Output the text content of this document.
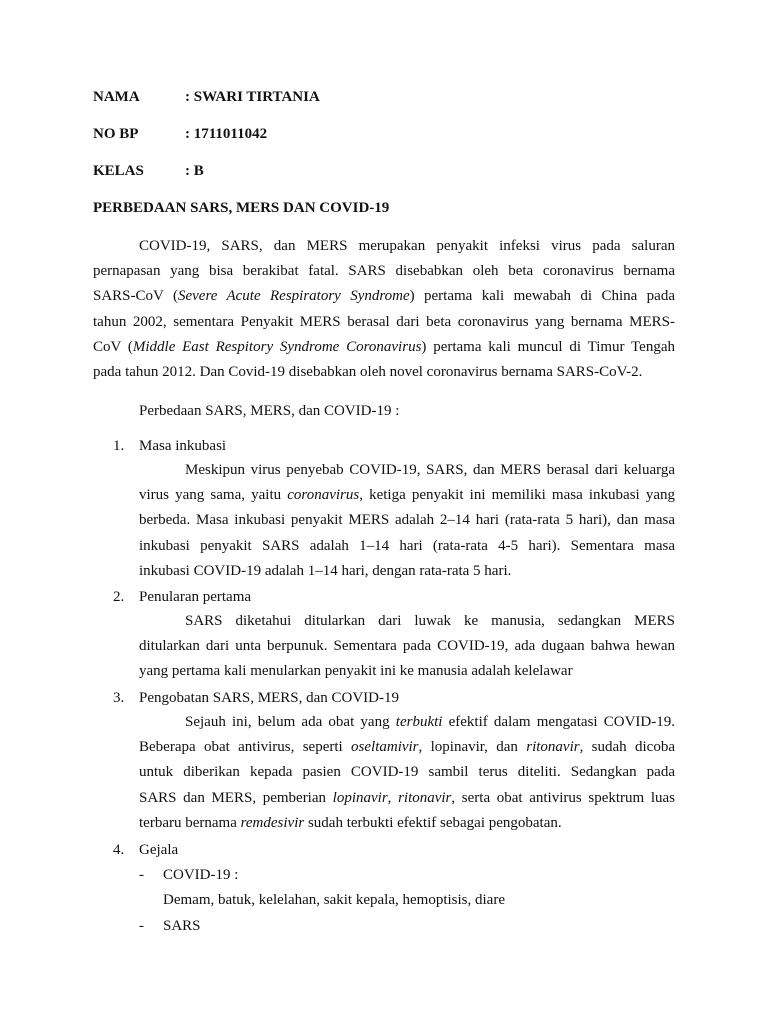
NAMA	: SWARI TIRTANIA
NO BP	: 1711011042
KELAS	: B
PERBEDAAN SARS, MERS DAN COVID-19
COVID-19, SARS, dan MERS merupakan penyakit infeksi virus pada saluran
pernapasan yang bisa berakibat fatal. SARS disebabkan oleh beta coronavirus bernama
SARS-CoV (Severe Acute Respiratory Syndrome) pertama kali mewabah di China pada
tahun 2002, sementara Penyakit MERS berasal dari beta coronavirus yang bernama MERS-
CoV (Middle East Respitory Syndrome Coronavirus) pertama kali muncul di Timur Tengah
pada tahun 2012. Dan Covid-19 disebabkan oleh novel coronavirus bernama SARS-CoV-2.
Perbedaan SARS, MERS, dan COVID-19 :
1. Masa inkubasi
Meskipun virus penyebab COVID-19, SARS, dan MERS berasal dari keluarga
virus yang sama, yaitu coronavirus, ketiga penyakit ini memiliki masa inkubasi yang
berbeda. Masa inkubasi penyakit MERS adalah 2–14 hari (rata-rata 5 hari), dan masa
inkubasi penyakit SARS adalah 1–14 hari (rata-rata 4-5 hari). Sementara masa
inkubasi COVID-19 adalah 1–14 hari, dengan rata-rata 5 hari.
2. Penularan pertama
SARS diketahui ditularkan dari luwak ke manusia, sedangkan MERS
ditularkan dari unta berpunuk. Sementara pada COVID-19, ada dugaan bahwa hewan
yang pertama kali menularkan penyakit ini ke manusia adalah kelelawar
3. Pengobatan SARS, MERS, dan COVID-19
Sejauh ini, belum ada obat yang terbukti efektif dalam mengatasi COVID-19.
Beberapa obat antivirus, seperti oseltamivir, lopinavir, dan ritonavir, sudah dicoba
untuk diberikan kepada pasien COVID-19 sambil terus diteliti. Sedangkan pada
SARS dan MERS, pemberian lopinavir, ritonavir, serta obat antivirus spektrum luas
terbaru bernama remdesivir sudah terbukti efektif sebagai pengobatan.
4. Gejala
- COVID-19 :
Demam, batuk, kelelahan, sakit kepala, hemoptisis, diare
- SARS
